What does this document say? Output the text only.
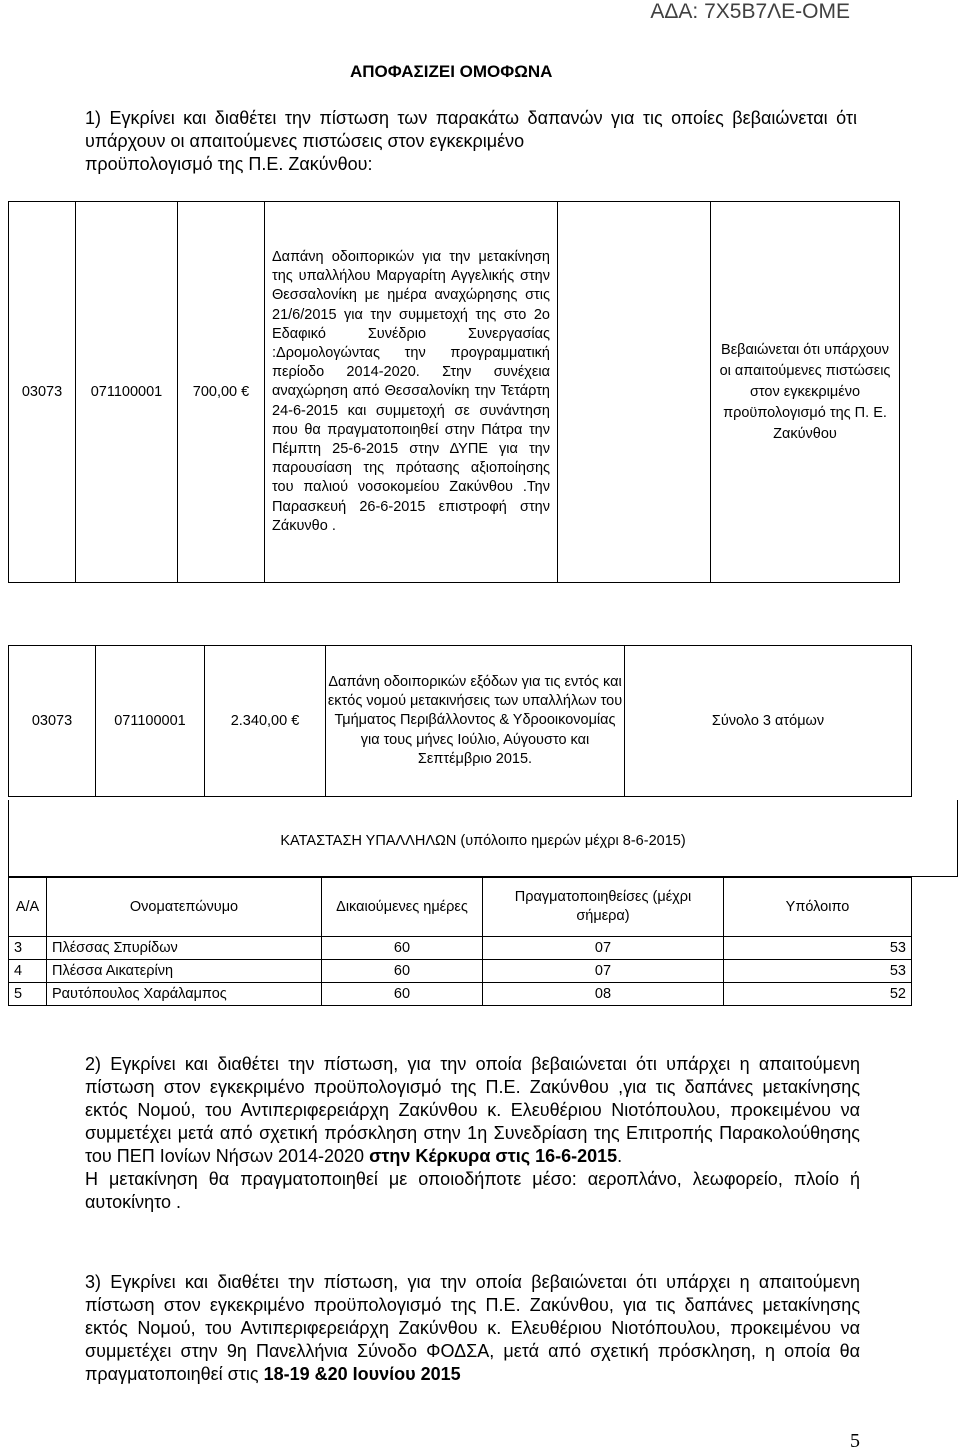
ΑΔΑ: 7Χ5Β7ΛΕ-ΟΜΕ
ΑΠΟΦΑΣΙΖΕΙ ΟΜΟΦΩΝΑ
1) Εγκρίνει και διαθέτει την πίστωση των παρακάτω δαπανών για τις οποίες βεβαιώνεται ότι υπάρχουν οι απαιτούμενες πιστώσεις στον εγκεκριμένο
προϋπολογισμό της Π.Ε. Ζακύνθου:
03073	071100001	700,00 €	Δαπάνη οδοιπορικών για την μετακίνηση της υπαλλήλου Μαργαρίτη Αγγελικής στην Θεσσαλονίκη με ημέρα αναχώρησης στις 21/6/2015 για την συμμετοχή της στο 2ο Εδαφικό Συνέδριο Συνεργασίας :Δρομολογώντας την προγραμματική περίοδο 2014-2020. Στην συνέχεια αναχώρηση από Θεσσαλονίκη την Τετάρτη 24-6-2015 και συμμετοχή σε συνάντηση που θα πραγματοποιηθεί στην Πάτρα την Πέμπτη 25-6-2015 στην ΔΥΠΕ για την παρουσίαση της πρότασης αξιοποίησης του παλιού νοσοκομείου Ζακύνθου .Την Παρασκευή 26-6-2015 επιστροφή στην Ζάκυνθο .		Βεβαιώνεται ότι υπάρχουν οι απαιτούμενες πιστώσεις στον εγκεκριμένο προϋπολογισμό της Π. Ε. Ζακύνθου
03073	071100001	2.340,00 €	Δαπάνη οδοιπορικών εξόδων για τις εντός και εκτός νομού μετακινήσεις των υπαλλήλων του Τμήματος Περιβάλλοντος & Υδροοικονομίας για τους μήνες Ιούλιο, Αύγουστο και Σεπτέμβριο 2015.	Σύνολο 3 ατόμων
ΚΑΤΑΣΤΑΣΗ ΥΠΑΛΛΗΛΩΝ (υπόλοιπο ημερών μέχρι 8-6-2015)
Α/Α	Ονοματεπώνυμο	Δικαιούμενες ημέρες	Πραγματοποιηθείσες (μέχρι σήμερα)	Υπόλοιπο
3	Πλέσσας Σπυρίδων	60	07	53
4	Πλέσσα Αικατερίνη	60	07	53
5	Ραυτόπουλος Χαράλαμπος	60	08	52
2) Εγκρίνει και διαθέτει την πίστωση, για την οποία βεβαιώνεται ότι υπάρχει η απαιτούμενη πίστωση στον εγκεκριμένο προϋπολογισμό της Π.Ε. Ζακύνθου ,για τις δαπάνες μετακίνησης εκτός Νομού, του Αντιπεριφερειάρχη Ζακύνθου κ. Ελευθέριου Νιοτόπουλου, προκειμένου να συμμετέχει μετά από σχετική πρόσκληση στην 1η Συνεδρίαση της Επιτροπής Παρακολούθησης του ΠΕΠ Ιονίων Νήσων 2014-2020 στην Κέρκυρα στις 16-6-2015.
Η μετακίνηση θα πραγματοποιηθεί με οποιοδήποτε μέσο: αεροπλάνο, λεωφορείο, πλοίο ή αυτοκίνητο .
3) Εγκρίνει και διαθέτει την πίστωση, για την οποία βεβαιώνεται ότι υπάρχει η απαιτούμενη πίστωση στον εγκεκριμένο προϋπολογισμό της Π.Ε. Ζακύνθου, για τις δαπάνες μετακίνησης εκτός Νομού, του Αντιπεριφερειάρχη Ζακύνθου κ. Ελευθέριου Νιοτόπουλου, προκειμένου να συμμετέχει στην 9η Πανελλήνια Σύνοδο ΦΟΔΣΑ, μετά από σχετική πρόσκληση, η οποία θα πραγματοποιηθεί στις 18-19 &20 Ιουνίου 2015
5
